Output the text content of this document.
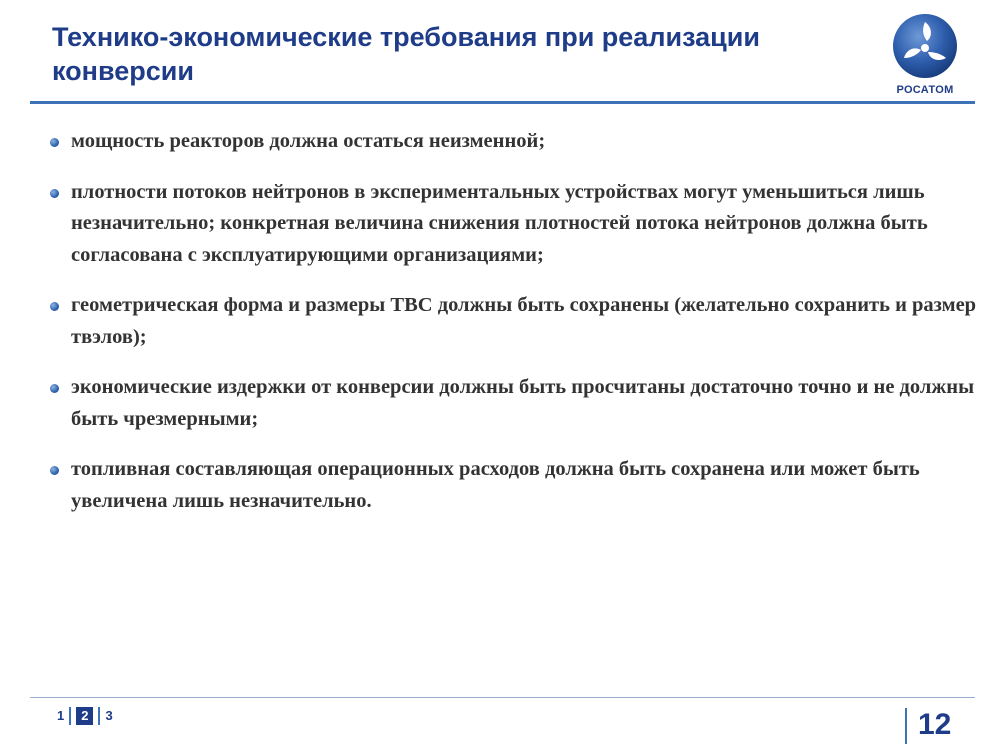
Технико-экономические требования при реализации конверсии
РОСАТОМ
мощность реакторов должна остаться неизменной;
плотности потоков нейтронов в экспериментальных устройствах могут уменьшиться лишь незначительно; конкретная величина снижения плотностей потока нейтронов должна быть согласована с эксплуатирующими организациями;
геометрическая форма и размеры ТВС должны быть сохранены (желательно сохранить и размер твэлов);
экономические издержки от конверсии должны быть просчитаны достаточно точно и не должны быть чрезмерными;
топливная составляющая операционных расходов должна быть сохранена или может быть увеличена лишь незначительно.
1	2	3	12
